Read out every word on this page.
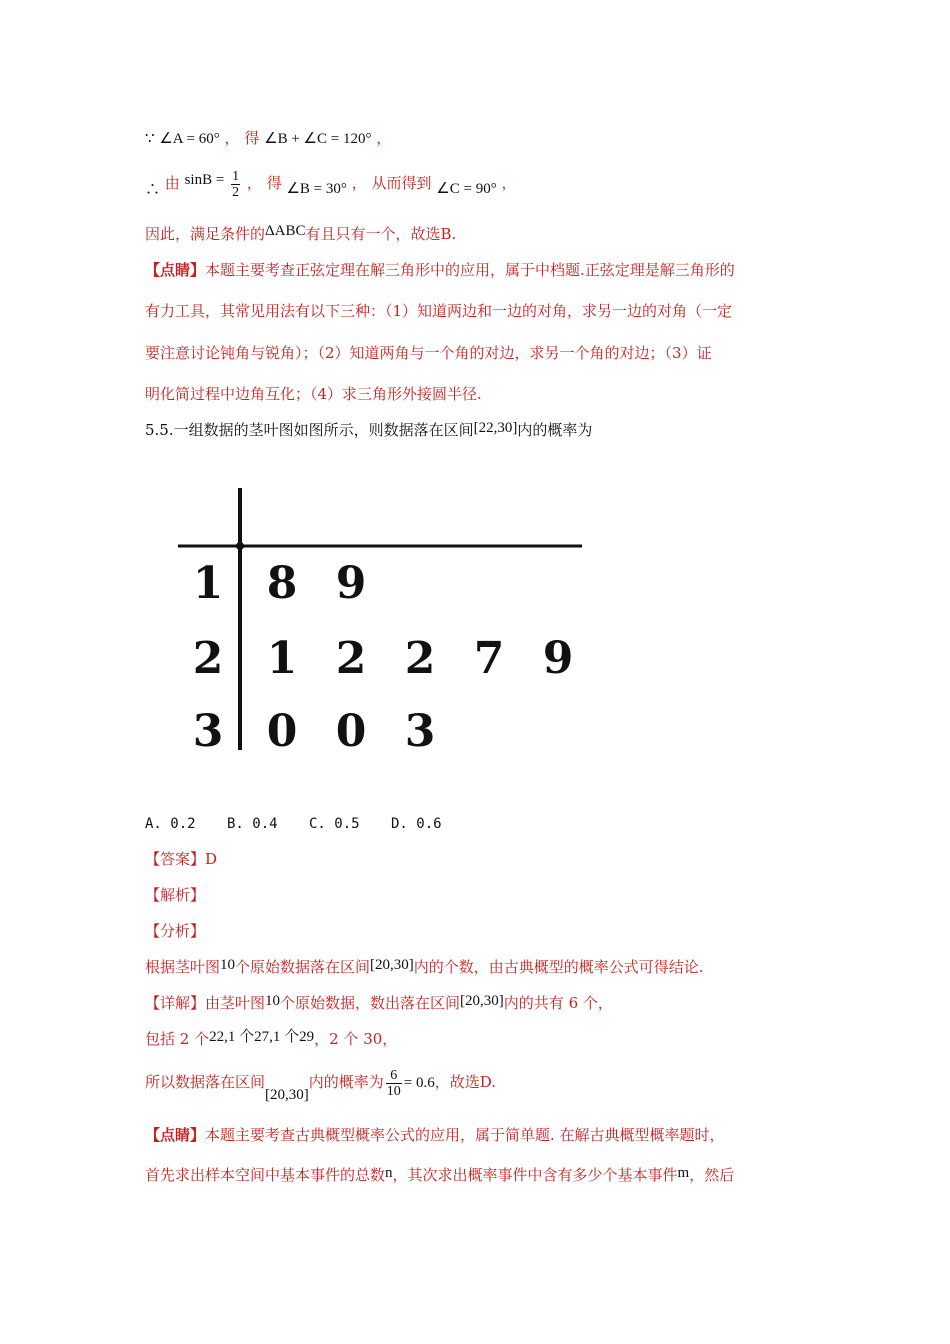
∵ ∠A = 60° ， 得 ∠B + ∠C = 120° ，
∴ 由 $\sin B = \frac{1}{2}$ ， 得 ∠B = 30° ， 从而得到 ∠C = 90° ，
因此，满足条件的ΔABC有且只有一个，故选B.
【点睛】本题主要考查正弦定理在解三角形中的应用，属于中档题.正弦定理是解三角形的
有力工具，其常见用法有以下三种：（1）知道两边和一边的对角，求另一边的对角（一定
要注意讨论钝角与锐角）；（2）知道两角与一个角的对边，求另一个角的对边；（3）证
明化简过程中边角互化；（4）求三角形外接圆半径.
5.5.一组数据的茎叶图如图所示，则数据落在区间[22,30]内的概率为
1 8 9
2 1 2 2 7 9
3 0 0 3
A. 0.2 B. 0.4 C. 0.5 D. 0.6
【答案】D
【解析】
【分析】
根据茎叶图10个原始数据落在区间[20,30]内的个数，由古典概型的概率公式可得结论.
【详解】由茎叶图10个原始数据，数出落在区间[20,30]内的共有 6 个，
包括 2 个22,1 个27,1 个29，2 个 30，
所以数据落在区间[20,30]内的概率为 $\frac{6}{10} = 0.6$，故选D.
【点睛】本题主要考查古典概型概率公式的应用，属于简单题. 在解古典概型概率题时，
首先求出样本空间中基本事件的总数n，其次求出概率事件中含有多少个基本事件m，然后
